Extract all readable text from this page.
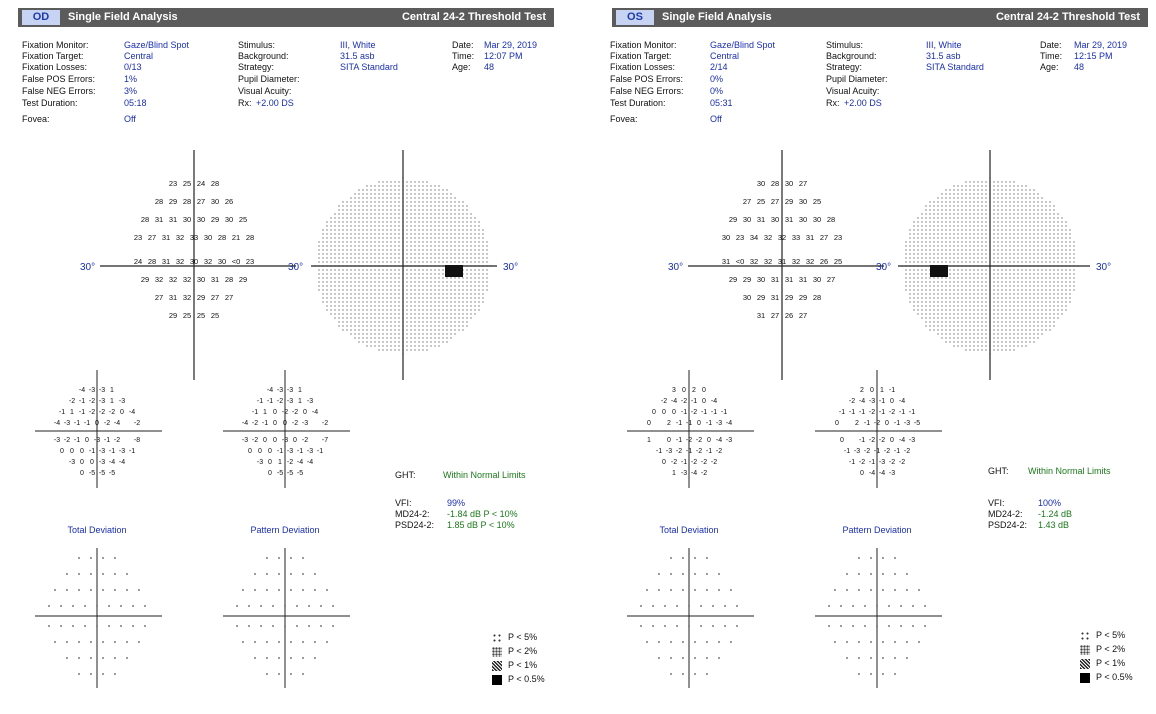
OD	Single Field Analysis	Central 24-2 Threshold Test
Fixation Monitor:	Gaze/Blind Spot
Fixation Target:	Central
Fixation Losses:	0/13
False POS Errors:	1%
False NEG Errors:	3%
Test Duration:	05:18
Fovea:	Off
Stimulus:	III, White
Background:	31.5 asb
Strategy:	SITA Standard
Pupil Diameter:
Visual Acuity:
Rx: +2.00 DS
Date: Mar 29, 2019
Time: 12:07 PM
Age: 48
30°	30°
23 25 24 28
28 29 28 27 30 26
28 31 31 30 30 29 30 25
23 27 31 32 33 30 28 21 28
24 28 31 32 30 32 30 <0 23
29 32 32 32 30 31 28 29
27 31 32 29 27 27
29 25 25 25
30°
-4 -3 -3 1
-2 -1 -2 -3 1 -3
-1 1 -1 -2 -2 -2 0 -4
-4 -3 -1 -1 0 -2 -4 -2
-3 -2 -1 0 -3 -1 -2 -8
0 0 0 -1 -3 -1 -3 -1
-3 0 0 -3 -4 -4
0 -5 -5 -5
Total Deviation
-4 -3 -3 1
-1 -1 -2 -3 1 -3
-1 1 0 -2 -2 0 -4
-4 -2 -1 0 0 -2 -3 -2
-3 -2 0 0 -3 0 -2 -7
0 0 0 -1 -3 -1 -3 -1
-3 0 1 -2 -4 -4
0 -5 -5 -5
Pattern Deviation
GHT:	Within Normal Limits
VFI:	99%
MD24-2: -1.84 dB P < 10%
PSD24-2: 1.85 dB P < 10%
P < 5%
P < 2%
P < 1%
P < 0.5%
OS	Single Field Analysis	Central 24-2 Threshold Test
Fixation Monitor:	Gaze/Blind Spot
Fixation Target:	Central
Fixation Losses:	2/14
False POS Errors:	0%
False NEG Errors:	0%
Test Duration:	05:31
Fovea:	Off
Stimulus:	III, White
Background:	31.5 asb
Strategy:	SITA Standard
Pupil Diameter:
Visual Acuity:
Rx: +2.00 DS
Date: Mar 29, 2019
Time: 12:15 PM
Age: 48
30°	30°
30 28 30 27
27 25 27 29 30 25
29 30 31 30 31 30 30 28
30 23 34 32 32 33 31 27 23
31 <0 32 32 31 32 32 26 25
29 29 30 31 31 31 30 27
30 29 31 29 29 28
31 27 26 27
30°
3 0 2 0
-2 -4 -2 -1 0 -4
0 0 0 -1 -2 -1 -1 -1
0 2 -1 -1 0 -1 -3 -4
1 0 -1 -2 -2 0 -4 -3
-1 -3 -2 -1 -2 -1 -2
0 -2 -1 -2 -2 -2
1 -3 -4 -2
Total Deviation
2 0 1 -1
-2 -4 -3 -1 0 -4
-1 -1 -1 -2 -1 -2 -1 -1
0 2 -1 -2 0 -1 -3 -5
0 -1 -2 -2 0 -4 -3
-1 -3 -2 -1 -2 -1 -2
-1 -2 -1 -3 -2 -2
0 -4 -4 -3
Pattern Deviation
GHT: Within Normal Limits
VFI:	100%
MD24-2: -1.24 dB
PSD24-2: 1.43 dB
P < 5%
P < 2%
P < 1%
P < 0.5%
